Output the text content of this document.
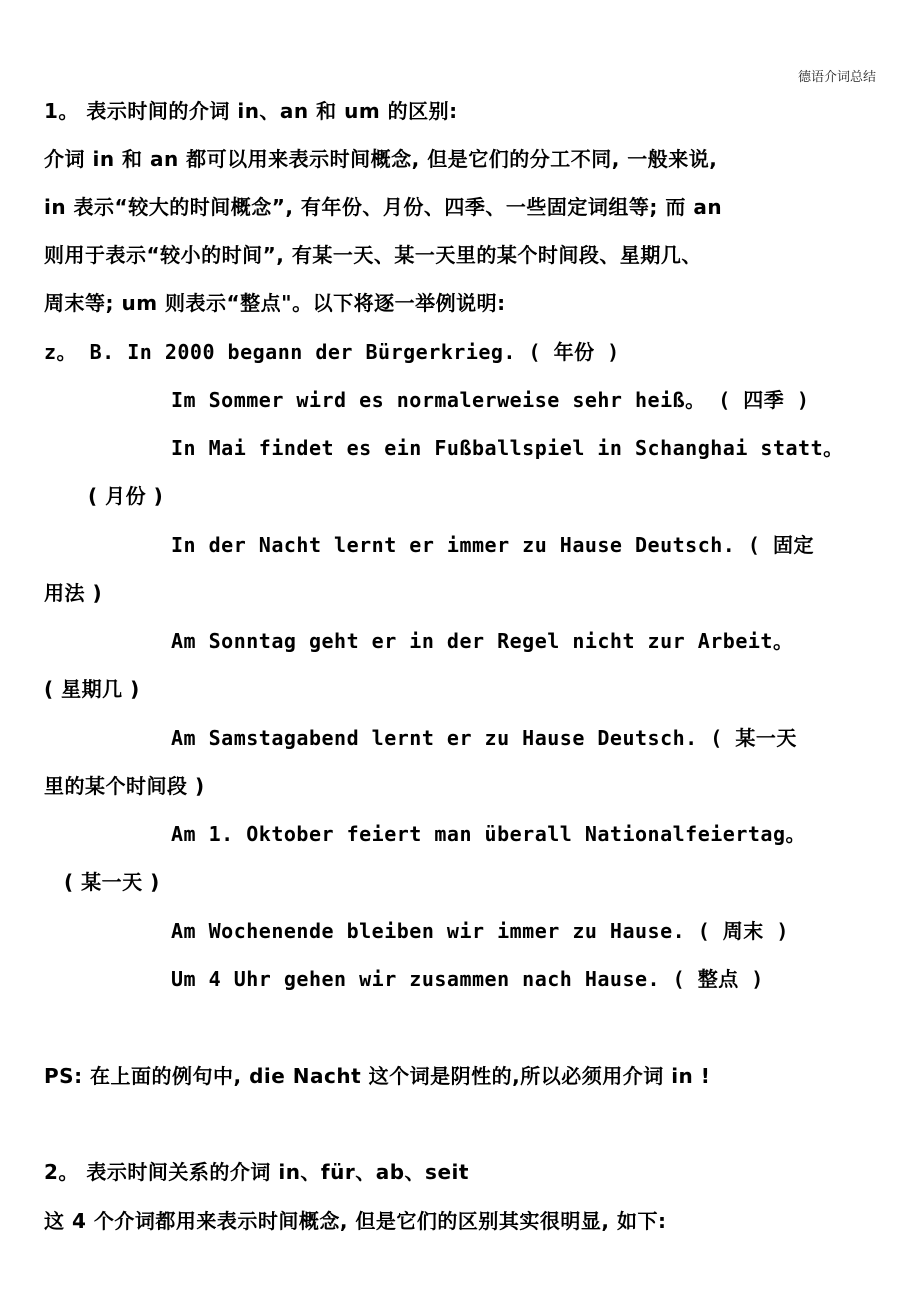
德语介词总结
1。 表示时间的介词 in、an 和 um 的区别:
介词 in 和 an 都可以用来表示时间概念, 但是它们的分工不同, 一般来说,
in 表示“较大的时间概念”, 有年份、月份、四季、一些固定词组等; 而 an
则用于表示“较小的时间”, 有某一天、某一天里的某个时间段、星期几、
周末等; um 则表示“整点"。以下将逐一举例说明:
z。 B. In 2000 begann der Bürgerkrieg. ( 年份 )
Im Sommer wird es normalerweise sehr heiß。 ( 四季 )
In Mai findet es ein Fußballspiel in Schanghai statt。
( 月份 )
In der Nacht lernt er immer zu Hause Deutsch. ( 固定
用法 )
Am Sonntag geht er in der Regel nicht zur Arbeit。
( 星期几 )
Am Samstagabend lernt er zu Hause Deutsch. ( 某一天
里的某个时间段 )
Am 1. Oktober feiert man überall Nationalfeiertag。
( 某一天 )
Am Wochenende bleiben wir immer zu Hause. ( 周末 )
Um 4 Uhr gehen wir zusammen nach Hause. ( 整点 )
PS: 在上面的例句中, die Nacht 这个词是阴性的,所以必须用介词 in !
2。 表示时间关系的介词 in、für、ab、seit
这 4 个介词都用来表示时间概念, 但是它们的区别其实很明显, 如下:
